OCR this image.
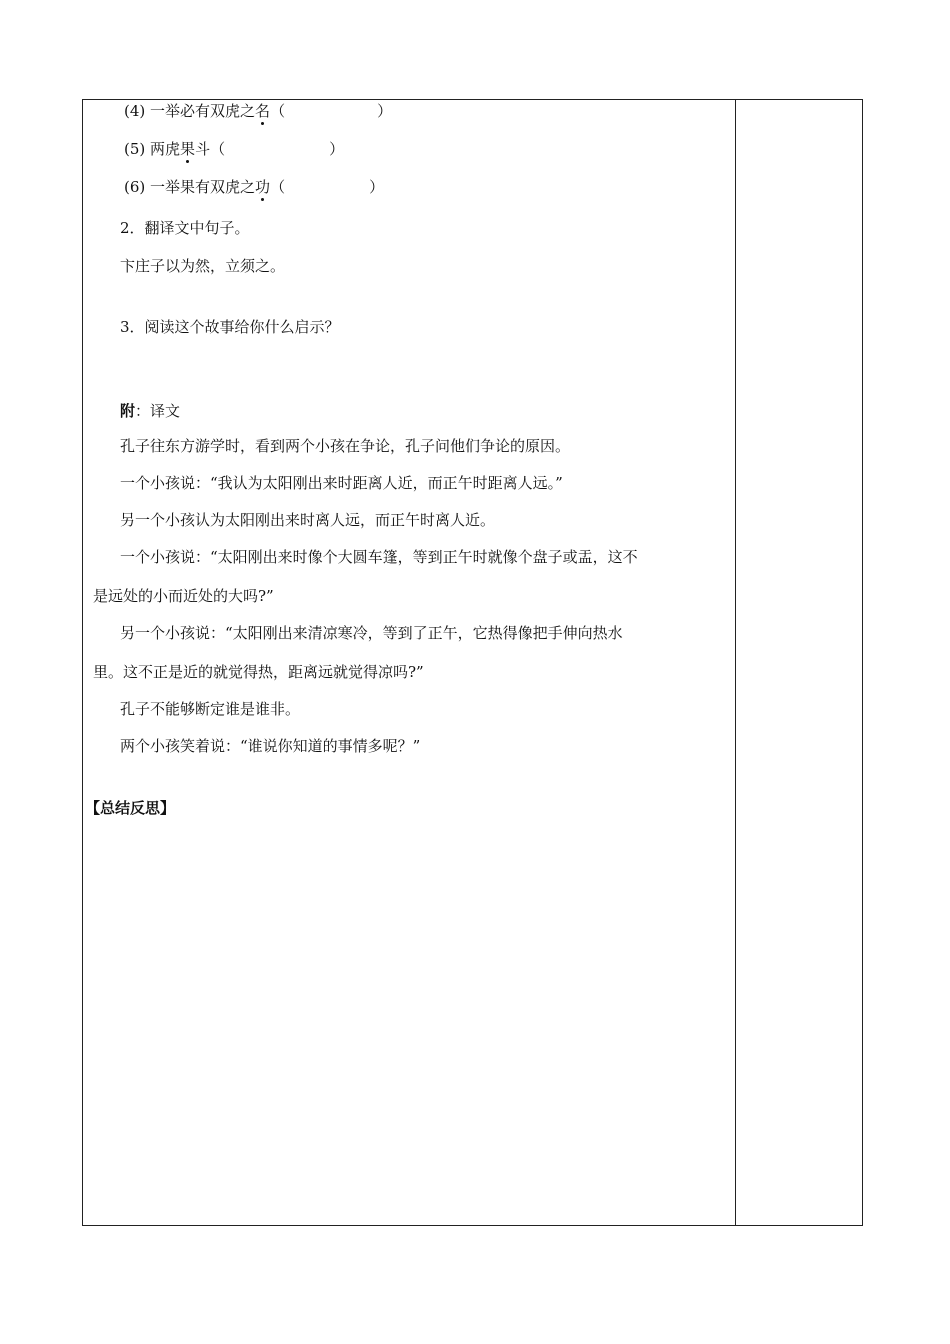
(4) 一举必有双虎之名（	）
(5) 两虎果斗（	）
(6) 一举果有双虎之功（	）
2．翻译文中句子。
卞庄子以为然，立须之。
3．阅读这个故事给你什么启示？
附：译文
孔子往东方游学时，看到两个小孩在争论，孔子问他们争论的原因。
一个小孩说：“我认为太阳刚出来时距离人近，而正午时距离人远。”
另一个小孩认为太阳刚出来时离人远，而正午时离人近。
一个小孩说：“太阳刚出来时像个大圆车篷，等到正午时就像个盘子或盂，这不
是远处的小而近处的大吗?”
另一个小孩说：“太阳刚出来清凉寒冷，等到了正午，它热得像把手伸向热水
里。这不正是近的就觉得热，距离远就觉得凉吗?”
孔子不能够断定谁是谁非。
两个小孩笑着说：“谁说你知道的事情多呢？”
【总结反思】
